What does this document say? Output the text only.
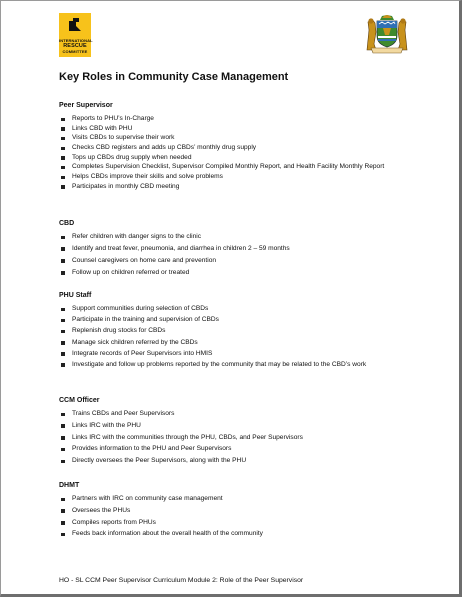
INTERNATIONAL
RESCUE
COMMITTEE
Key Roles in Community Case Management
Peer Supervisor
Reports to PHU’s In-Charge
Links CBD with PHU
Visits CBDs to supervise their work
Checks CBD registers and adds up CBDs’ monthly drug supply
Tops up CBDs drug supply when needed
Completes Supervision Checklist, Supervisor Compiled Monthly Report, and Health Facility Monthly Report
Helps CBDs improve their skills and solve problems
Participates in monthly CBD meeting
CBD
Refer children with danger signs to the clinic
Identify and treat fever, pneumonia, and diarrhea in children 2 – 59 months
Counsel caregivers on home care and prevention
Follow up on children referred or treated
PHU Staff
Support communities during selection of CBDs
Participate in the training and supervision of CBDs
Replenish drug stocks for CBDs
Manage sick children referred by the CBDs
Integrate records of Peer Supervisors into HMIS
Investigate and follow up problems reported by the community that may be related to the CBD’s work
CCM Officer
Trains CBDs and Peer Supervisors
Links IRC with the PHU
Links IRC with the communities through the PHU, CBDs, and Peer Supervisors
Provides information to the PHU and Peer Supervisors
Directly oversees the Peer Supervisors, along with the PHU
DHMT
Partners with IRC on community case management
Oversees the PHUs
Compiles reports from PHUs
Feeds back information about the overall health of the community
HO - SL CCM Peer Supervisor Curriculum Module 2: Role of the Peer Supervisor
